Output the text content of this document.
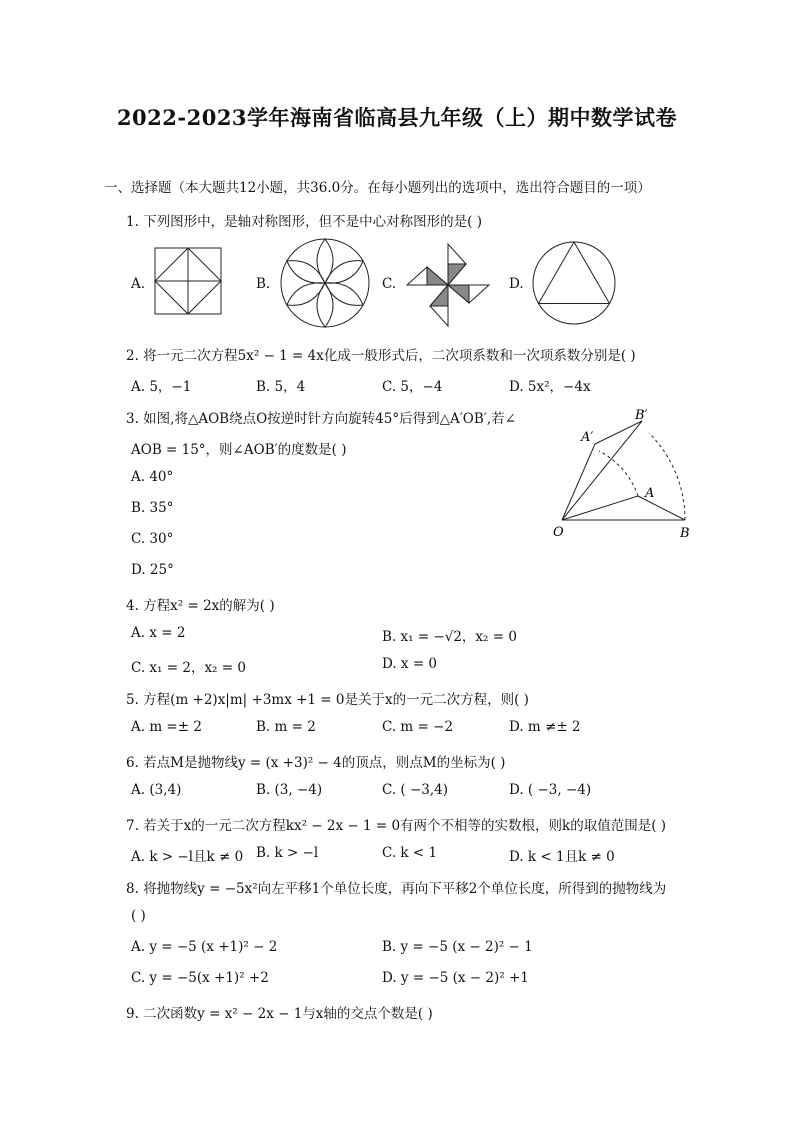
2022-2023学年海南省临高县九年级（上）期中数学试卷
一、选择题（本大题共12小题，共36.0分。在每小题列出的选项中，选出符合题目的一项）
1. 下列图形中，是轴对称图形，但不是中心对称图形的是( )
A.	B.	C.	D.
2. 将一元二次方程5x² − 1 = 4x化成一般形式后，二次项系数和一次项系数分别是( )
A. 5，−1	B. 5，4	C. 5，−4	D. 5x²，−4x
3. 如图,将△AOB绕点O按逆时针方向旋转45°后得到△A′OB′,若∠
AOB = 15°，则∠AOB′的度数是( )
A. 40°
B. 35°
C. 30°
D. 25°
A′
B′
A
O	B
4. 方程x² = 2x的解为( )
A. x = 2	B. x₁ = −√2，x₂ = 0
C. x₁ = 2，x₂ = 0	D. x = 0
5. 方程(m +2)x|m| +3mx +1 = 0是关于x的一元二次方程，则( )
A. m =± 2	B. m = 2	C. m = −2	D. m ≠± 2
6. 若点M是抛物线y = (x +3)² − 4的顶点，则点M的坐标为( )
A. (3,4)	B. (3, −4)	C. ( −3,4)	D. ( −3, −4)
7. 若关于x的一元二次方程kx² − 2x − 1 = 0有两个不相等的实数根，则k的取值范围是( )
A. k > −l且k ≠ 0 B. k > −l	C. k < 1	D. k < 1且k ≠ 0
8. 将抛物线y = −5x²向左平移1个单位长度，再向下平移2个单位长度，所得到的抛物线为
( )
A. y = −5 (x +1)² − 2	B. y = −5 (x − 2)² − 1
C. y = −5(x +1)² +2	D. y = −5 (x − 2)² +1
9. 二次函数y = x² − 2x − 1与x轴的交点个数是( )
